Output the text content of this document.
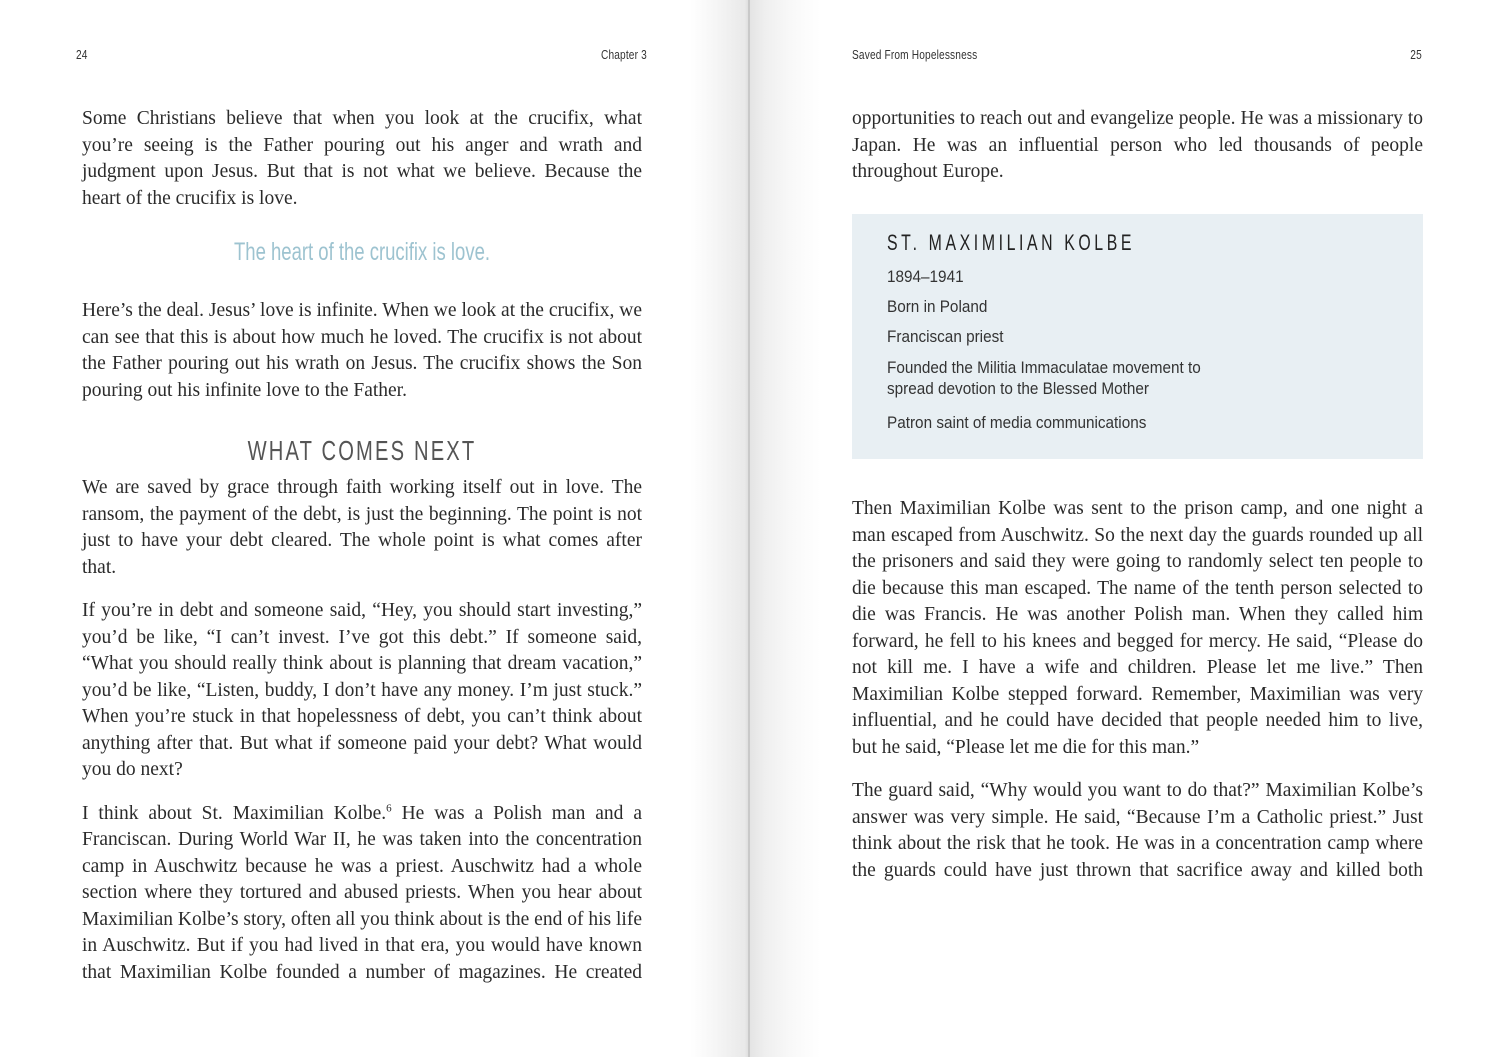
24	Chapter 3

Some Christians believe that when you look at the crucifix, what you’re seeing is the Father pouring out his anger and wrath and judgment upon Jesus. But that is not what we believe. Because the heart of the crucifix is love.

The heart of the crucifix is love.

Here’s the deal. Jesus’ love is infinite. When we look at the crucifix, we can see that this is about how much he loved. The crucifix is not about the Father pouring out his wrath on Jesus. The crucifix shows the Son pouring out his infinite love to the Father.

WHAT COMES NEXT

We are saved by grace through faith working itself out in love. The ransom, the payment of the debt, is just the beginning. The point is not just to have your debt cleared. The whole point is what comes after that.

If you’re in debt and someone said, “Hey, you should start investing,” you’d be like, “I can’t invest. I’ve got this debt.” If someone said, “What you should really think about is planning that dream vacation,” you’d be like, “Listen, buddy, I don’t have any money. I’m just stuck.” When you’re stuck in that hopelessness of debt, you can’t think about anything after that. But what if someone paid your debt? What would you do next?

I think about St. Maximilian Kolbe.$^6$ He was a Polish man and a Franciscan. During World War II, he was taken into the concentration camp in Auschwitz because he was a priest. Auschwitz had a whole section where they tortured and abused priests. When you hear about Maximilian Kolbe’s story, often all you think about is the end of his life in Auschwitz. But if you had lived in that era, you would have known that Maximilian Kolbe founded a number of magazines. He created

Saved From Hopelessness	25

opportunities to reach out and evangelize people. He was a missionary to Japan. He was an influential person who led thousands of people throughout Europe.

ST. MAXIMILIAN KOLBE
1894–1941
Born in Poland
Franciscan priest
Founded the Militia Immaculatae movement to
spread devotion to the Blessed Mother
Patron saint of media communications

Then Maximilian Kolbe was sent to the prison camp, and one night a man escaped from Auschwitz. So the next day the guards rounded up all the prisoners and said they were going to randomly select ten people to die because this man escaped. The name of the tenth person selected to die was Francis. He was another Polish man. When they called him forward, he fell to his knees and begged for mercy. He said, “Please do not kill me. I have a wife and children. Please let me live.” Then Maximilian Kolbe stepped forward. Remember, Maximilian was very influential, and he could have decided that people needed him to live, but he said, “Please let me die for this man.”

The guard said, “Why would you want to do that?” Maximilian Kolbe’s answer was very simple. He said, “Because I’m a Catholic priest.” Just think about the risk that he took. He was in a concentration camp where the guards could have just thrown that sacrifice away and killed both
